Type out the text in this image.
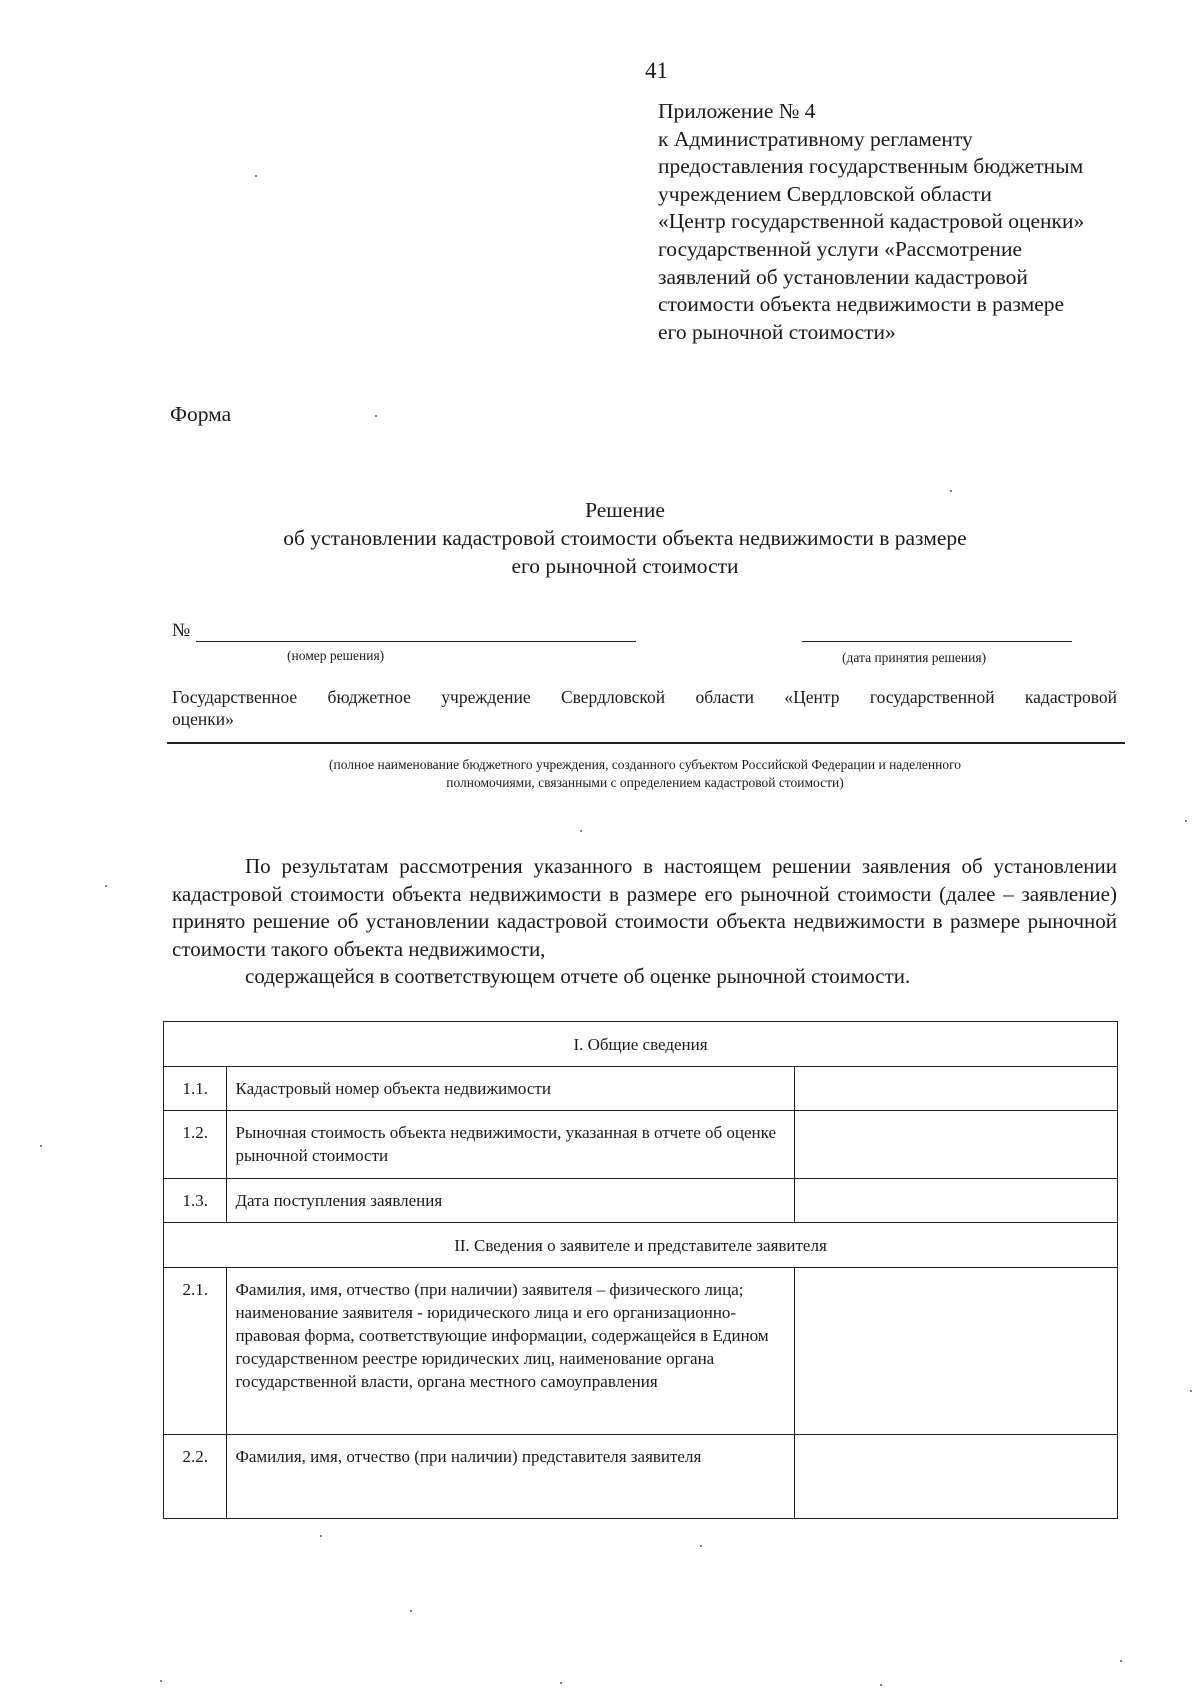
41
Приложение № 4
к Административному регламенту
предоставления государственным бюджетным
учреждением Свердловской области
«Центр государственной кадастровой оценки»
государственной услуги «Рассмотрение
заявлений об установлении кадастровой
стоимости объекта недвижимости в размере
его рыночной стоимости»
Форма
Решение
об установлении кадастровой стоимости объекта недвижимости в размере
его рыночной стоимости
№
(номер решения)	(дата принятия решения)
Государственное бюджетное учреждение Свердловской области «Центр государственной кадастровой
оценки»
(полное наименование бюджетного учреждения, созданного субъектом Российской Федерации и наделенного
полномочиями, связанными с определением кадастровой стоимости)
По результатам рассмотрения указанного в настоящем решении заявления об установлении кадастровой стоимости объекта недвижимости в размере его рыночной стоимости (далее – заявление) принято решение об установлении кадастровой стоимости объекта недвижимости в размере рыночной стоимости такого объекта недвижимости,
содержащейся в соответствующем отчете об оценке рыночной стоимости.
I. Общие сведения		
1.1.	Кадастровый номер объекта недвижимости	
1.2.	Рыночная стоимость объекта недвижимости, указанная в отчете об оценке рыночной стоимости	
1.3.	Дата поступления заявления	
II. Сведения о заявителе и представителе заявителя		
2.1.	Фамилия, имя, отчество (при наличии) заявителя – физического лица; наименование заявителя - юридического лица и его организационно-правовая форма, соответствующие информации, содержащейся в Едином государственном реестре юридических лиц, наименование органа государственной власти, органа местного самоуправления	
2.2.	Фамилия, имя, отчество (при наличии) представителя заявителя	
